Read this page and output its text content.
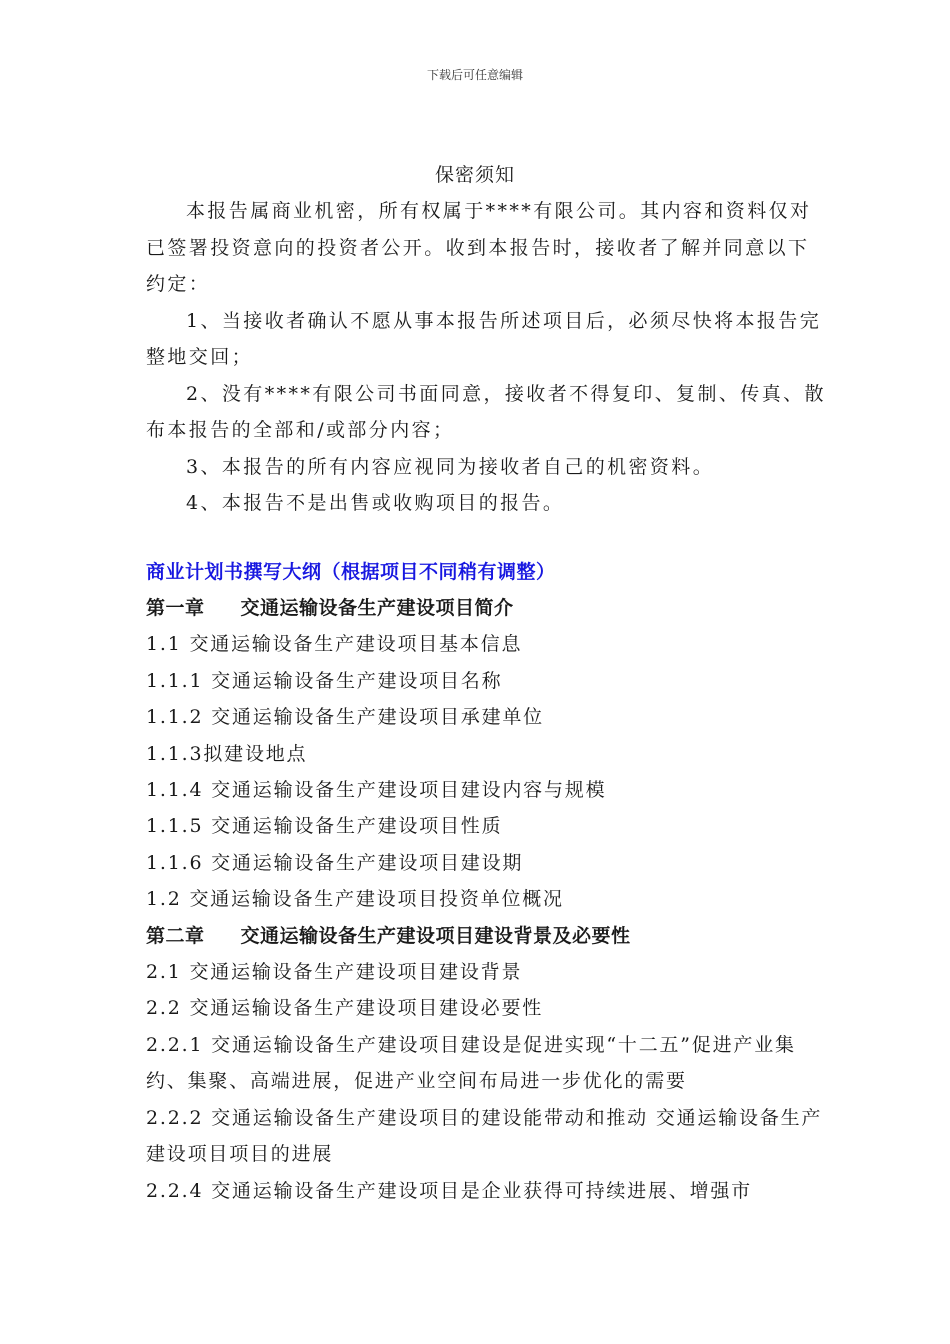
下载后可任意编辑
保密须知

本报告属商业机密，所有权属于****有限公司。其内容和资料仅对已签署投资意向的投资者公开。收到本报告时，接收者了解并同意以下约定：

1、当接收者确认不愿从事本报告所述项目后，必须尽快将本报告完整地交回；

2、没有****有限公司书面同意，接收者不得复印、复制、传真、散布本报告的全部和/或部分内容；

3、本报告的所有内容应视同为接收者自己的机密资料。

4、本报告不是出售或收购项目的报告。

商业计划书撰写大纲（根据项目不同稍有调整）
第一章 交通运输设备生产建设项目简介
1.1 交通运输设备生产建设项目基本信息
1.1.1 交通运输设备生产建设项目名称
1.1.2 交通运输设备生产建设项目承建单位
1.1.3拟建设地点
1.1.4 交通运输设备生产建设项目建设内容与规模
1.1.5 交通运输设备生产建设项目性质
1.1.6 交通运输设备生产建设项目建设期
1.2 交通运输设备生产建设项目投资单位概况
第二章 交通运输设备生产建设项目建设背景及必要性
2.1 交通运输设备生产建设项目建设背景
2.2 交通运输设备生产建设项目建设必要性
2.2.1 交通运输设备生产建设项目建设是促进实现“十二五”促进产业集约、集聚、高端进展，促进产业空间布局进一步优化的需要
2.2.2 交通运输设备生产建设项目的建设能带动和推动 交通运输设备生产建设项目项目的进展
2.2.4 交通运输设备生产建设项目是企业获得可持续进展、增强市
